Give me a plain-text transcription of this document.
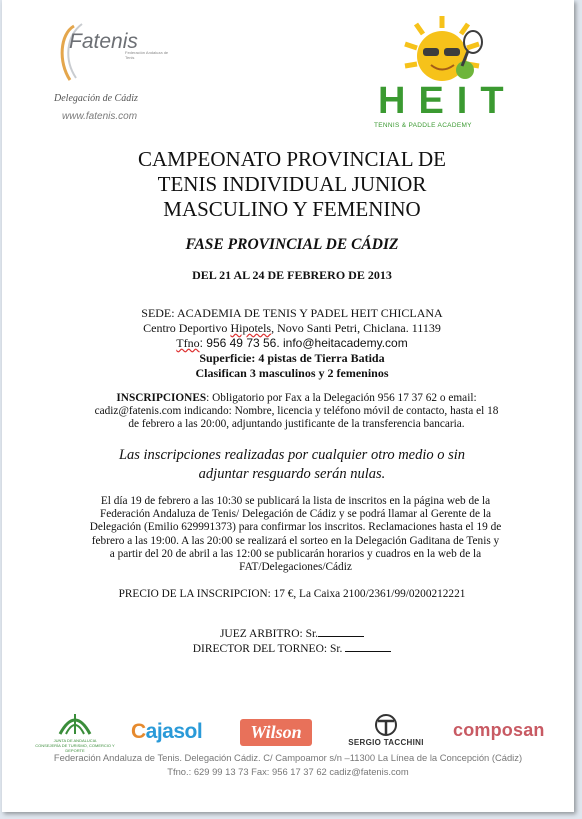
Fatenis
Federación Andaluza de Tenis
Delegación de Cádiz
www.fatenis.com	HEIT
TENNIS & PADDLE ACADEMY
CAMPEONATO PROVINCIAL DE
TENIS INDIVIDUAL JUNIOR
MASCULINO Y FEMENINO
FASE PROVINCIAL DE CÁDIZ
DEL 21 AL 24 DE FEBRERO DE 2013
SEDE: ACADEMIA DE TENIS Y PADEL HEIT CHICLANA
Centro Deportivo Hipotels, Novo Santi Petri, Chiclana. 11139
Tfno: 956 49 73 56. info@heitacademy.com
Superficie: 4 pistas de Tierra Batida
Clasifican 3 masculinos y 2 femeninos
INSCRIPCIONES: Obligatorio por Fax a la Delegación 956 17 37 62 o email: cadiz@fatenis.com indicando: Nombre, licencia y teléfono móvil de contacto, hasta el 18 de febrero a las 20:00, adjuntando justificante de la transferencia bancaria.
Las inscripciones realizadas por cualquier otro medio o sin
adjuntar resguardo serán nulas.
El día 19 de febrero a las 10:30 se publicará la lista de inscritos en la página web de la Federación Andaluza de Tenis/ Delegación de Cádiz y se podrá llamar al Gerente de la Delegación (Emilio 629991373) para confirmar los inscritos. Reclamaciones hasta el 19 de febrero a las 19:00. A las 20:00 se realizará el sorteo en la Delegación Gaditana de Tenis y a partir del 20 de abril a las 12:00 se publicarán horarios y cuadros en la web de la FAT/Delegaciones/Cádiz
PRECIO DE LA INSCRIPCION: 17 €, La Caixa 2100/2361/99/0200212221
JUEZ ARBITRO: Sr.
DIRECTOR DEL TORNEO: Sr.
JUNTA DE ANDALUCIA
CONSEJERÍA DE TURISMO, COMERCIO Y DEPORTE
Cajasol	Wilson
SERGIO TACCHINI
composan
Federación Andaluza de Tenis. Delegación Cádiz. C/ Campoamor s/n –11300 La Línea de la Concepción (Cádiz)
Tfno.: 629 99 13 73 Fax: 956 17 37 62 cadiz@fatenis.com
